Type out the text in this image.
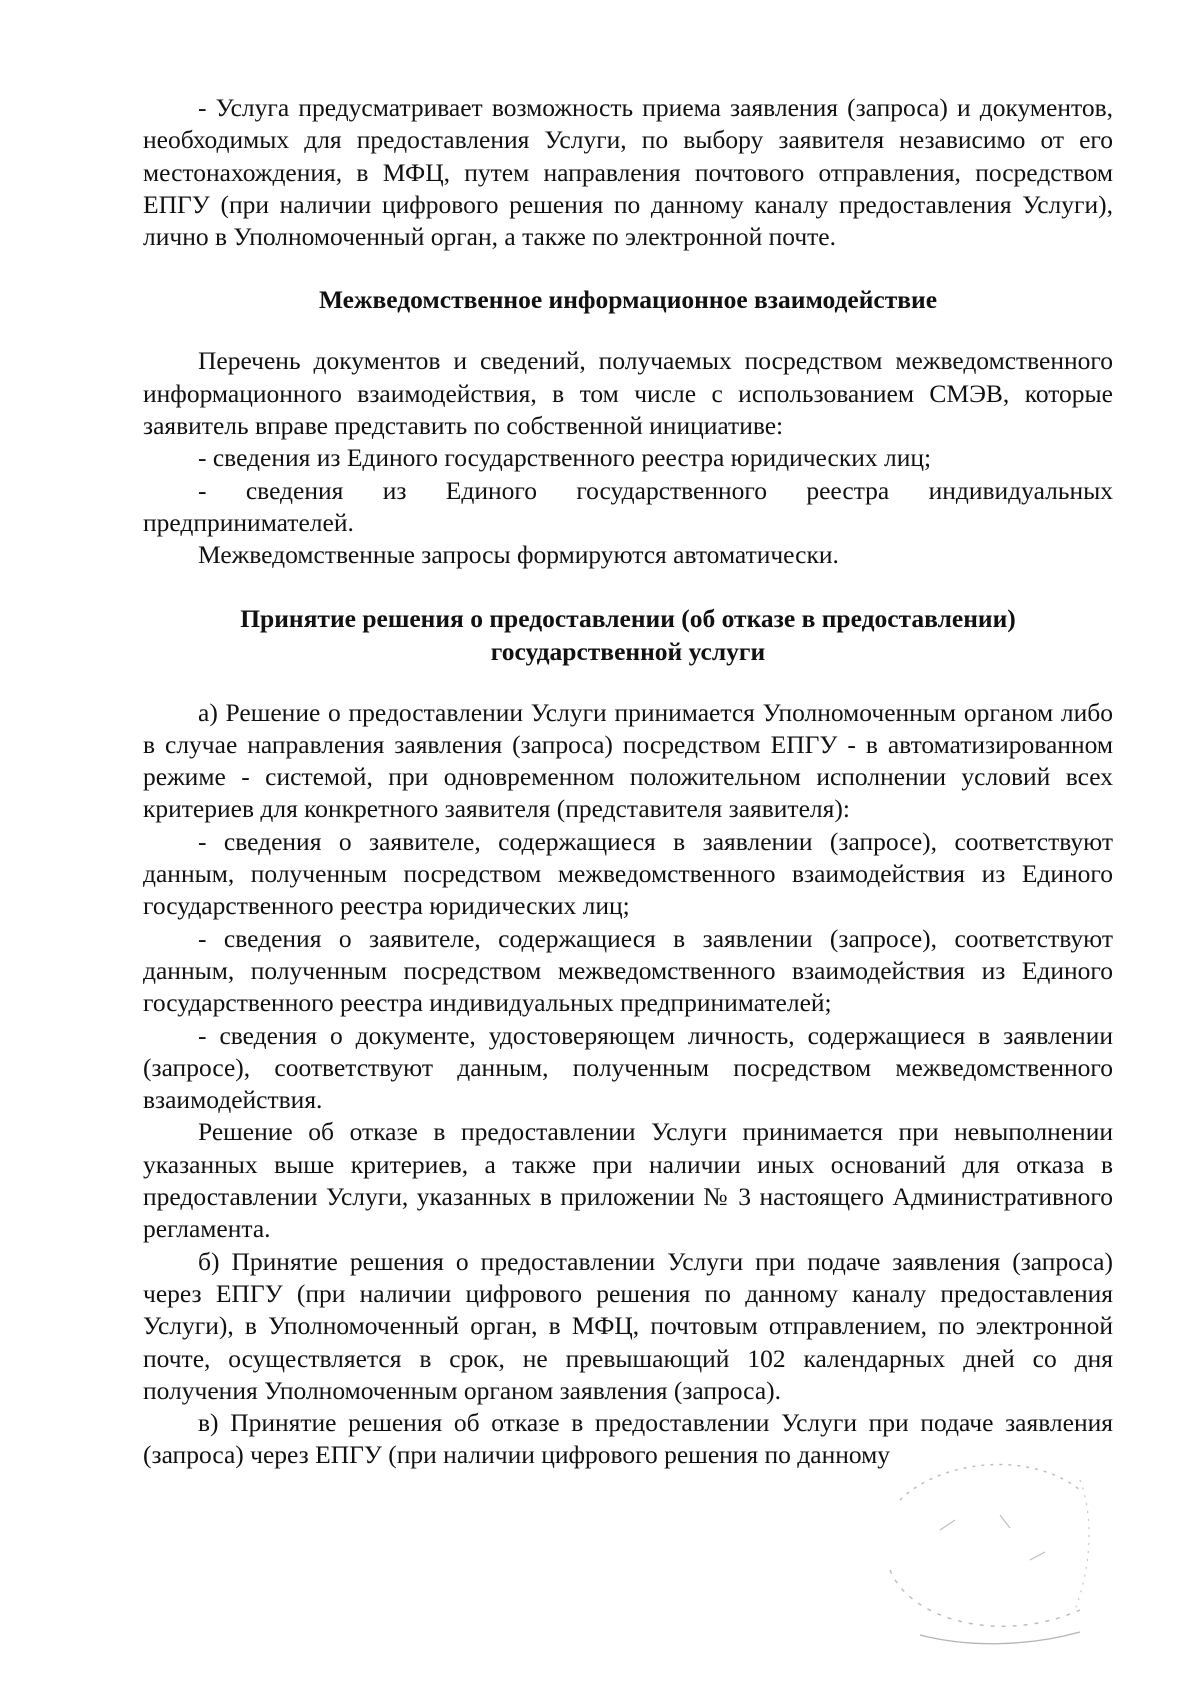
- Услуга предусматривает возможность приема заявления (запроса) и документов, необходимых для предоставления Услуги, по выбору заявителя независимо от его местонахождения, в МФЦ, путем направления почтового отправления, посредством ЕПГУ (при наличии цифрового решения по данному каналу предоставления Услуги), лично в Уполномоченный орган, а также по электронной почте.

Межведомственное информационное взаимодействие

Перечень документов и сведений, получаемых посредством межведомственного информационного взаимодействия, в том числе с использованием СМЭВ, которые заявитель вправе представить по собственной инициативе:

- сведения из Единого государственного реестра юридических лиц;

- сведения из Единого государственного реестра индивидуальных предпринимателей.

Межведомственные запросы формируются автоматически.

Принятие решения о предоставлении (об отказе в предоставлении)
государственной услуги

а) Решение о предоставлении Услуги принимается Уполномоченным органом либо в случае направления заявления (запроса) посредством ЕПГУ - в автоматизированном режиме - системой, при одновременном положительном исполнении условий всех критериев для конкретного заявителя (представителя заявителя):

- сведения о заявителе, содержащиеся в заявлении (запросе), соответствуют данным, полученным посредством межведомственного взаимодействия из Единого государственного реестра юридических лиц;

- сведения о заявителе, содержащиеся в заявлении (запросе), соответствуют данным, полученным посредством межведомственного взаимодействия из Единого государственного реестра индивидуальных предпринимателей;

- сведения о документе, удостоверяющем личность, содержащиеся в заявлении (запросе), соответствуют данным, полученным посредством межведомственного взаимодействия.

Решение об отказе в предоставлении Услуги принимается при невыполнении указанных выше критериев, а также при наличии иных оснований для отказа в предоставлении Услуги, указанных в приложении № 3 настоящего Административного регламента.

б) Принятие решения о предоставлении Услуги при подаче заявления (запроса) через ЕПГУ (при наличии цифрового решения по данному каналу предоставления Услуги), в Уполномоченный орган, в МФЦ, почтовым отправлением, по электронной почте, осуществляется в срок, не превышающий 102 календарных дней со дня получения Уполномоченным органом заявления (запроса).

в) Принятие решения об отказе в предоставлении Услуги при подаче заявления (запроса) через ЕПГУ (при наличии цифрового решения по данному
